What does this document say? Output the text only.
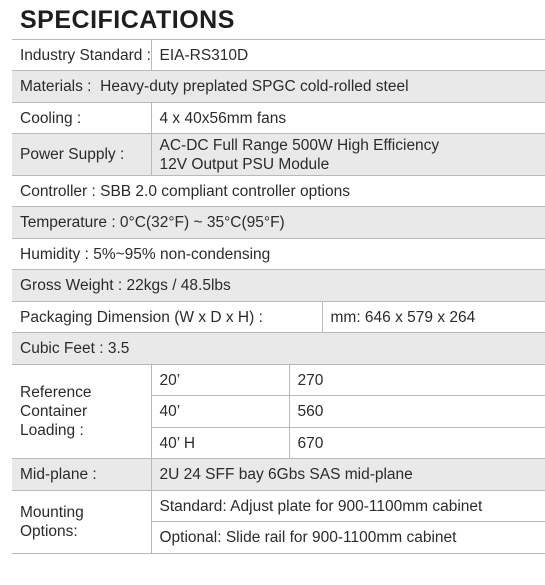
SPECIFICATIONS
Industry Standard :	EIA-RS310D		
Materials : Heavy-duty preplated SPGC cold-rolled steel			
Cooling :	4 x 40x56mm fans		
Power Supply :	AC-DC Full Range 500W High Efficiency
12V Output PSU Module		

Controller : SBB 2.0 compliant controller options			
Temperature : 0°C(32°F) ~ 35°C(95°F)			
Humidity : 5%~95% non-condensing			
Gross Weight : 22kgs / 48.5lbs			
Packaging Dimension (W x D x H) :			mm: 646 x 579 x 264
Cubic Feet : 3.5			

Reference
Container
Loading :	20’	270	
	40’	560	
	40’ H	670	
Mid-plane :	2U 24 SFF bay 6Gbs SAS mid-plane		

Mounting
Options:	Standard: Adjust plate for 900-1100mm cabinet		
	Optional: Slide rail for 900-1100mm cabinet		
